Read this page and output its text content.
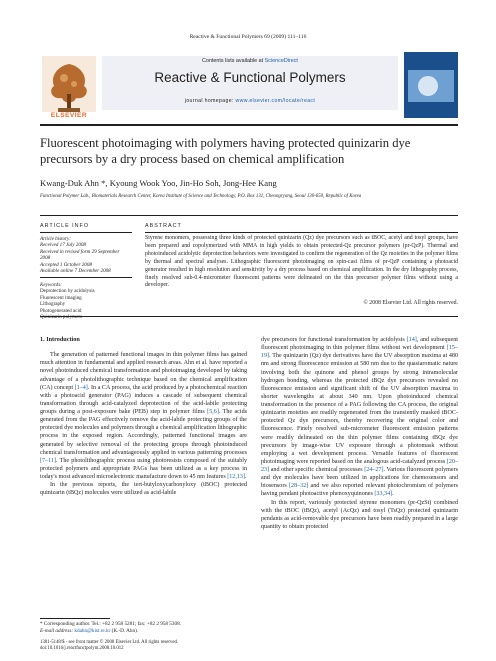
Reactive & Functional Polymers 69 (2009) 111–116
ELSEVIER
Contents lists available at ScienceDirect
Reactive & Functional Polymers
journal homepage: www.elsevier.com/locate/react
Fluorescent photoimaging with polymers having protected quinizarin dye
precursors by a dry process based on chemical amplification
Kwang-Duk Ahn *, Kyoung Wook Yoo, Jin-Ho Soh, Jong-Hee Kang
Functional Polymer Lab., Biomaterials Research Center, Korea Institute of Science and Technology, P.O. Box 131, Cheongryang, Seoul 130-650, Republic of Korea
ARTICLE INFO
Article history:
Received 17 July 2008
Received in revised form 29 September
2008
Accepted 1 October 2008
Available online 7 December 2008
Keywords:
Deprotection by acidolysis
Fluorescent imaging
Lithography
Photogenerated acid
Quinizarin polymers
ABSTRACT
Styrene monomers, possessing three kinds of protected quinizarin (Qz) dye precursors such as tBOC, acetyl and tosyl groups, have been prepared and copolymerized with MMA in high yields to obtain protected-Qz precursor polymers (pr-QzP). Thermal and photoinduced acidolytic deprotection behaviors were investigated to confirm the regeneration of the Qz moieties in the polymer films by thermal and spectral analyses. Lithographic fluorescent photoimaging on spin-cast films of pr-QzP containing a photoacid generator resulted in high resolution and sensitivity by a dry process based on chemical amplification. In the dry lithography process, finely resolved sub-0.4-micrometer fluorescent patterns were delineated on the thin precursor polymer films without using a developer.
© 2008 Elsevier Ltd. All rights reserved.
1. Introduction

The generation of patterned functional images in thin polymer films has gained much attention in fundamental and applied research areas. Ahn et al. have reported a novel photoinduced chemical transformation and photoimaging developed by taking advantage of a photolithographic technique based on the chemical amplification (CA) concept [1–4]. In a CA process, the acid produced by a photochemical reaction with a photoacid generator (PAG) induces a cascade of subsequent chemical transformation through acid-catalyzed deprotection of the acid-labile protecting groups during a post-exposure bake (PEB) step in polymer films [5,6]. The acids generated from the PAG effectively remove the acid-labile protecting groups of the protected dye molecules and polymers through a chemical amplification lithographic process in the exposed region. Accordingly, patterned functional images are generated by selective removal of the protecting groups through photoinduced chemical transformation and advantageously applied in various patterning processes [7–11]. The photolithographic process using photoresists composed of the suitably protected polymers and appropriate PAGs has been utilized as a key process in today's most advanced microelectronic manufacture down to 45 nm features [12,13].

In the previous reports, the tert-butyloxycarbonyloxy (tBOC) protected quinizarin (tBQz) molecules were utilized as acid-labile

dye precursors for functional transformation by acidolysis [14], and subsequent fluorescent photoimaging in thin polymer films without wet development [15–19]. The quinizarin (Qz) dye derivatives have the UV absorption maxima at 480 nm and strong fluorescence emission at 580 nm due to the quasiaromatic nature involving both the quinone and phenol groups by strong intramolecular hydrogen bonding, whereas the protected tBQz dye precursors revealed no fluorescence emission and significant shift of the UV absorption maxima to shorter wavelengths at about 340 nm. Upon photoinduced chemical transformation in the presence of a PAG following the CA process, the original quinizarin moieties are readily regenerated from the transiently masked tBOC-protected Qz dye precursors, thereby recovering the original color and fluorescence. Finely resolved sub-micrometer fluorescent emission patterns were readily delineated on the thin polymer films containing tBQz dye precursors by image-wise UV exposure through a photomask without employing a wet development process. Versatile features of fluorescent photoimaging were reported based on the analogous acid-catalyzed process [20–23] and other specific chemical processes [24–27]. Various fluorescent polymers and dye molecules have been utilized in applications for chemosensors and biosensors [28–32] and we also reported relevant photochromism of polymers having pendant photoactive phenoxyquinones [33,34].

In this report, variously protected styrene monomers (pr-QzSt) combined with the tBOC (tBQz), acetyl (AcQz) and tosyl (TsQz) protected quinizarin pendants as acid-removable dye precursors have been readily prepared in a large quantity to obtain protected

* Corresponding author. Tel.: +82 2 958 5281; fax: +82 2 958 5308.
E-mail address: kdahn@kist.re.kr (K.-D. Ahn).
1381-5148/$ - see front matter © 2008 Elsevier Ltd. All rights reserved.
doi:10.1016/j.reactfunctpolym.2008.10.012
